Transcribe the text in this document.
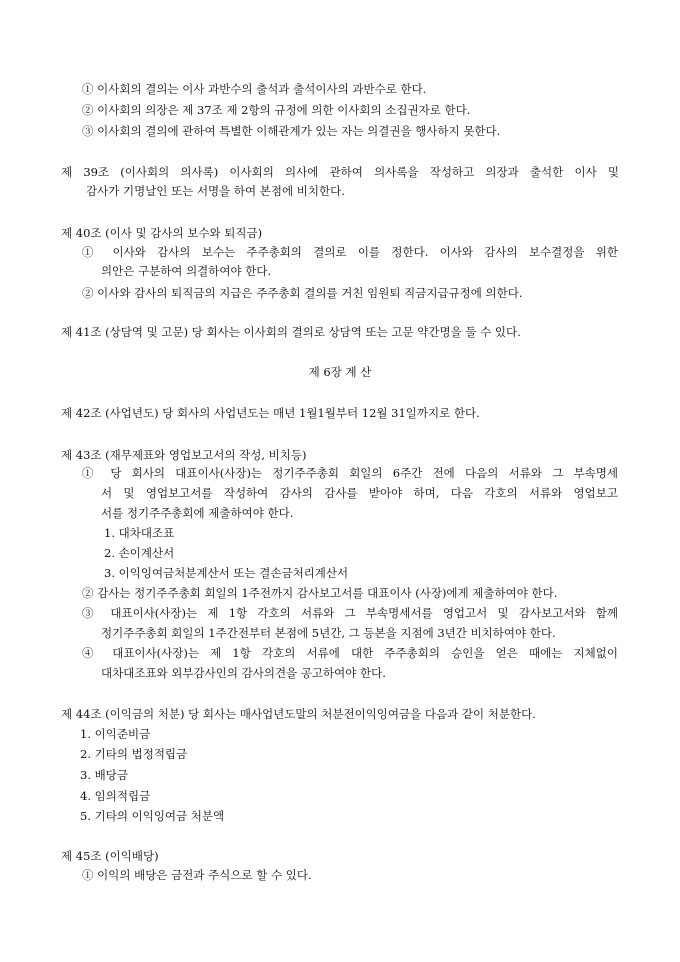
① 이사회의 결의는 이사 과반수의 출석과 출석이사의 과반수로 한다.
② 이사회의 의장은 제 37조 제 2항의 규정에 의한 이사회의 소집권자로 한다.
③ 이사회의 결의에 관하여 특별한 이해관계가 있는 자는 의결권을 행사하지 못한다.
제 39조 (이사회의 의사록) 이사회의 의사에 관하여 의사록을 작성하고 의장과 출석한 이사 및
감사가 기명날인 또는 서명을 하여 본점에 비치한다.
제 40조 (이사 및 감사의 보수와 퇴직금)
① 이사와 감사의 보수는 주주총회의 결의로 이를 정한다. 이사와 감사의 보수결정을 위한
의안은 구분하여 의결하여야 한다.
② 이사와 감사의 퇴직금의 지급은 주주총회 결의를 거친 임원퇴 직금지급규정에 의한다.
제 41조 (상담역 및 고문) 당 회사는 이사회의 결의로 상담역 또는 고문 약간명을 둘 수 있다.
제 6장 계 산
제 42조 (사업년도) 당 회사의 사업년도는 매년 1월1월부터 12월 31일까지로 한다.
제 43조 (재무제표와 영업보고서의 작성, 비치등)
① 당 회사의 대표이사(사장)는 정기주주총회 회일의 6주간 전에 다음의 서류와 그 부속명세
서 및 영업보고서를 작성하여 감사의 감사를 받아야 하며, 다음 각호의 서류와 영업보고
서를 정기주주총회에 제출하여야 한다.
1. 대차대조표
2. 손이계산서
3. 이익잉여금처분계산서 또는 결손금처리계산서
② 감사는 정기주주총회 회일의 1주전까지 감사보고서를 대표이사 (사장)에게 제출하여야 한다.
③ 대표이사(사장)는 제 1항 각호의 서류와 그 부속명세서를 영업고서 및 감사보고서와 함께
정기주주총회 회일의 1주간전부터 본점에 5년간, 그 등본을 지점에 3년간 비치하여야 한다.
④ 대표이사(사장)는 제 1항 각호의 서류에 대한 주주총회의 승인을 얻은 때에는 지체없이
대차대조표와 외부감사인의 감사의견을 공고하여야 한다.
제 44조 (이익금의 처분) 당 회사는 매사업년도말의 처분전이익잉여금을 다음과 같이 처분한다.
1. 이익준비금
2. 기타의 법정적립금
3. 배당금
4. 임의적립금
5. 기타의 이익잉여금 처분액
제 45조 (이익배당)
① 이익의 배당은 금전과 주식으로 할 수 있다.
